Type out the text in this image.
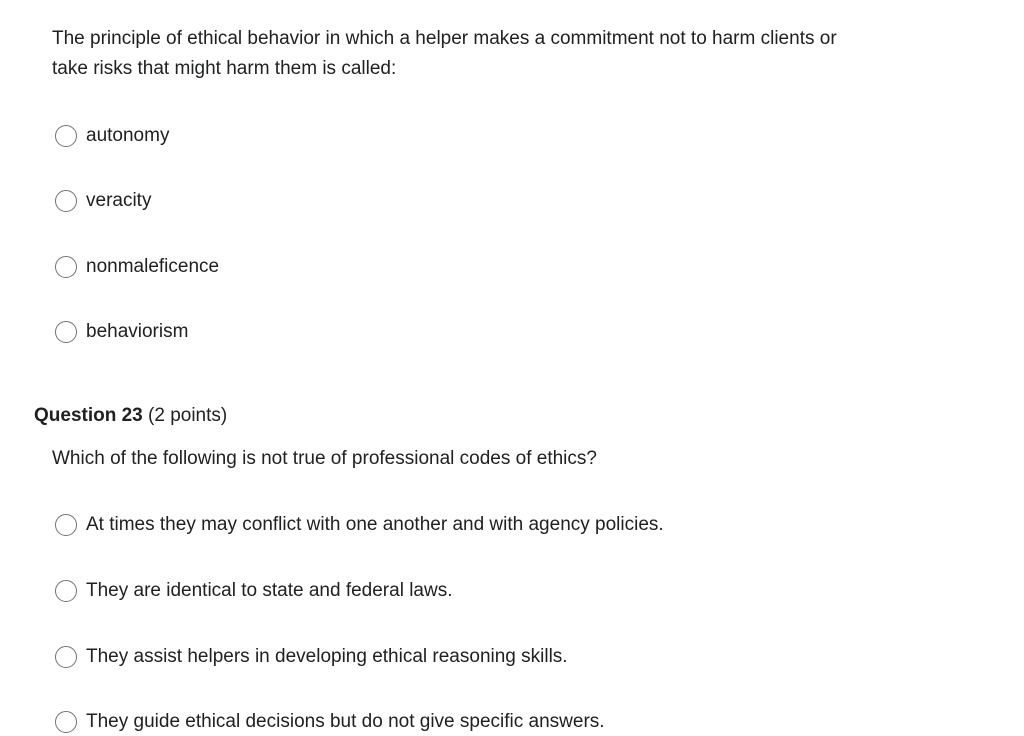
The principle of ethical behavior in which a helper makes a commitment not to harm clients or take risks that might harm them is called:

autonomy
veracity
nonmaleficence
behaviorism
Question 23 (2 points)

Which of the following is not true of professional codes of ethics?

At times they may conflict with one another and with agency policies.
They are identical to state and federal laws.
They assist helpers in developing ethical reasoning skills.
They guide ethical decisions but do not give specific answers.
